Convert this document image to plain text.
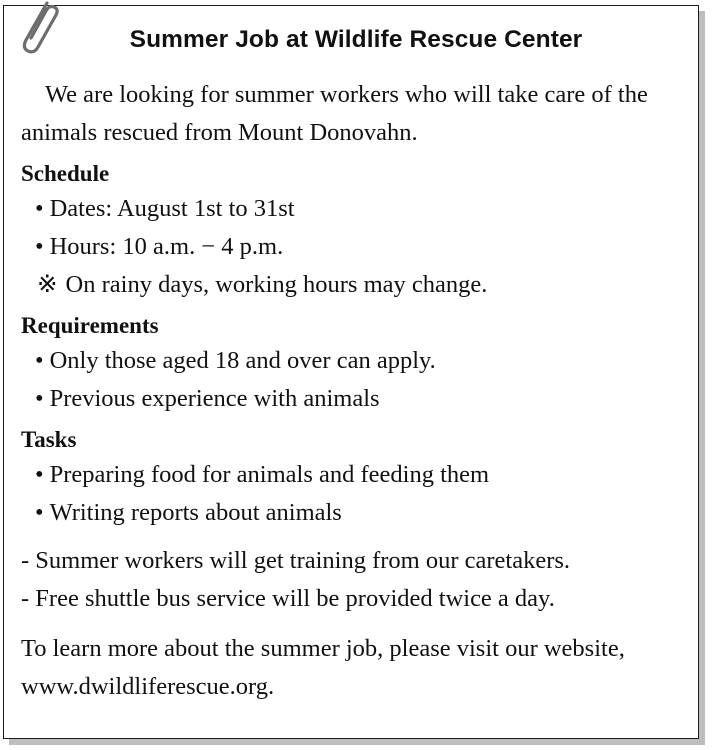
Summer Job at Wildlife Rescue Center

We are looking for summer workers who will take care of the animals rescued from Mount Donovahn.

Schedule
• Dates: August 1st to 31st
• Hours: 10 a.m. − 4 p.m.
※ On rainy days, working hours may change.
Requirements
• Only those aged 18 and over can apply.
• Previous experience with animals
Tasks
• Preparing food for animals and feeding them
• Writing reports about animals
- Summer workers will get training from our caretakers.
- Free shuttle bus service will be provided twice a day.

To learn more about the summer job, please visit our website, www.dwildliferescue.org.
